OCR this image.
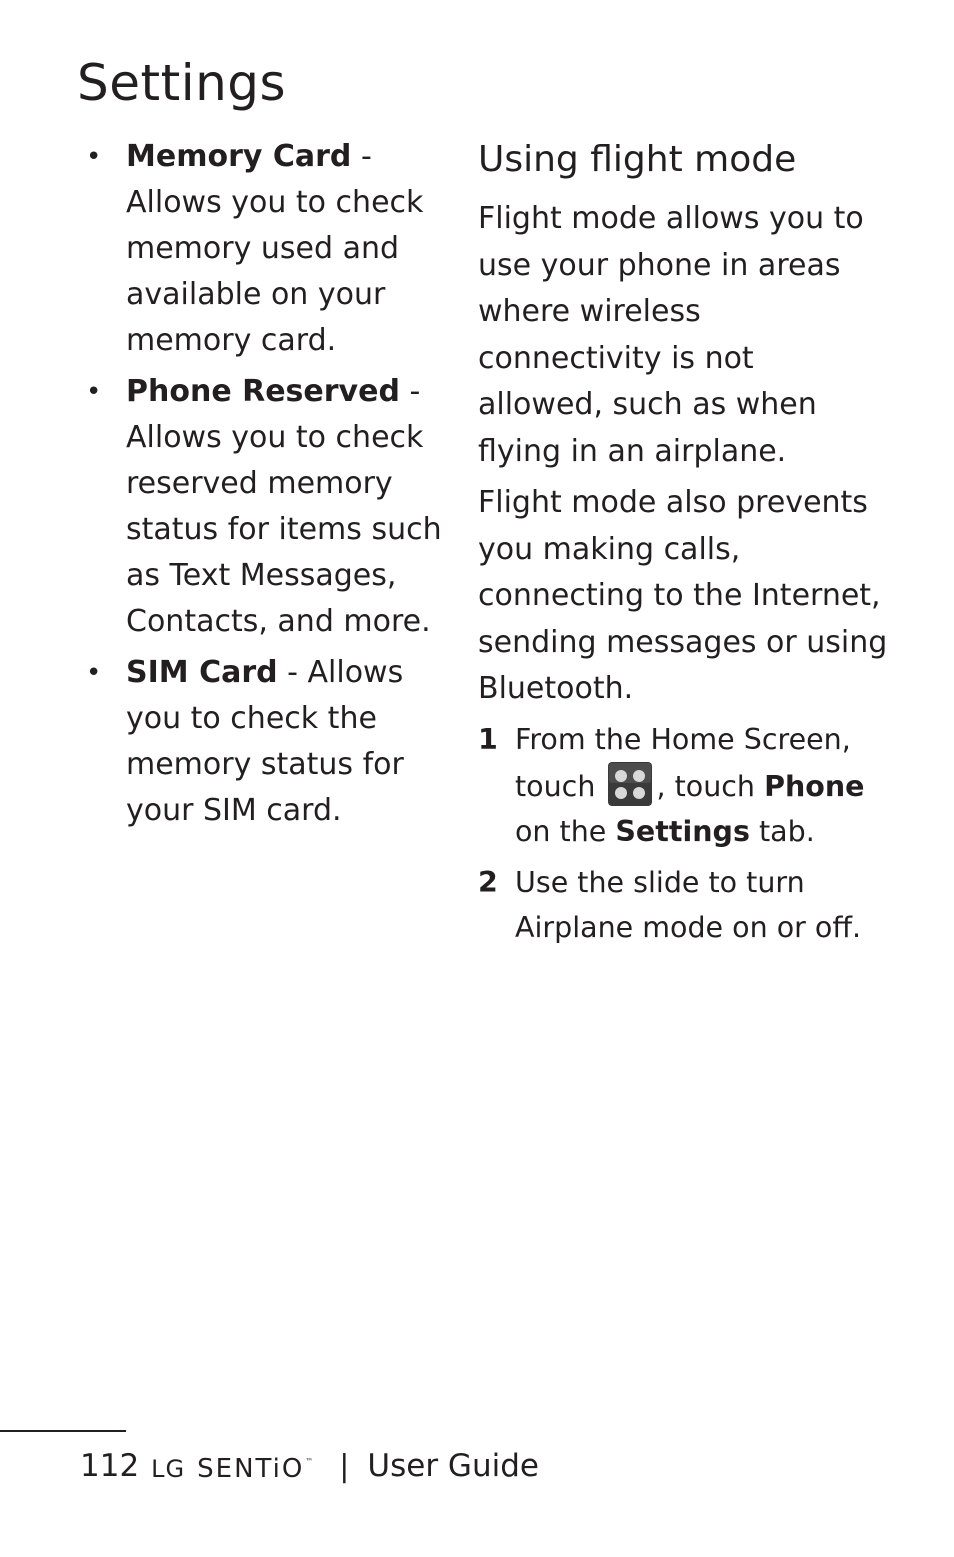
Settings
• Memory Card - Allows you to check memory used and available on your memory card.
• Phone Reserved - Allows you to check reserved memory status for items such as Text Messages, Contacts, and more.
• SIM Card - Allows you to check the memory status for your SIM card.
Using flight mode

Flight mode allows you to use your phone in areas where wireless connectivity is not allowed, such as when flying in an airplane.

Flight mode also prevents you making calls, connecting to the Internet, sending messages or using Bluetooth.

1 From the Home Screen, touch , touch Phone on the Settings tab.
2 Use the slide to turn Airplane mode on or off.
112 LG SENTiO ™ | User Guide
